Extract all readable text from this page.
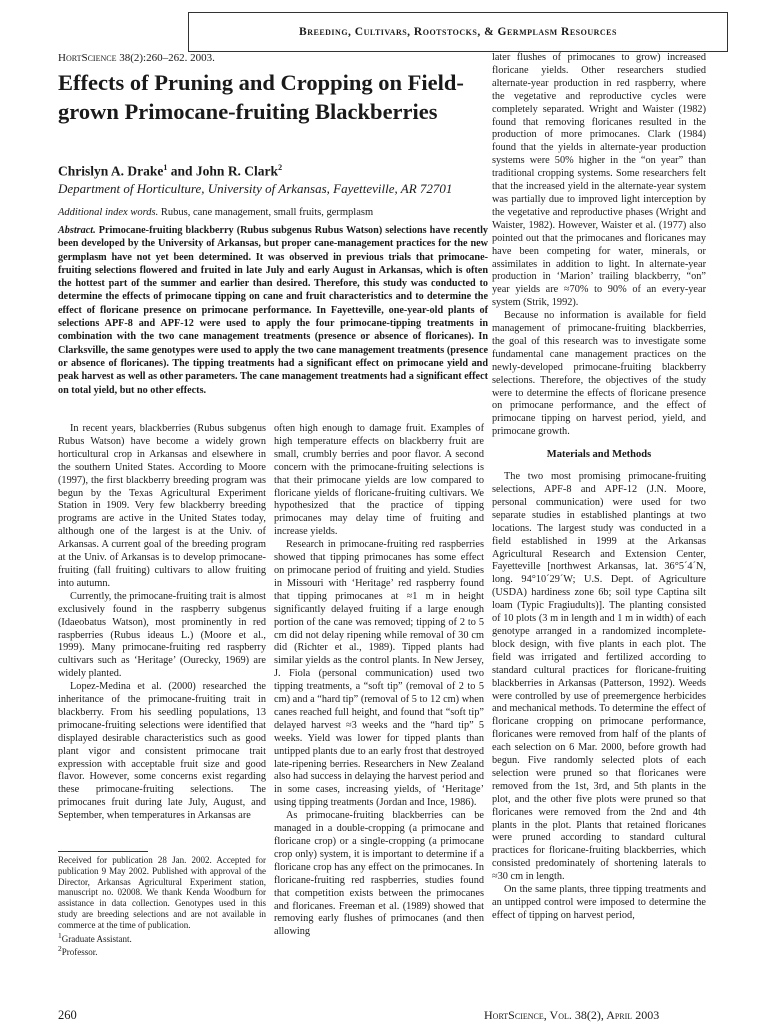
Breeding, Cultivars, Rootstocks, & Germplasm Resources
HortScience 38(2):260–262. 2003.
Effects of Pruning and Cropping on Field-grown Primocane-fruiting Blackberries
Chrislyn A. Drake$^1$ and John R. Clark$^2$
Department of Horticulture, University of Arkansas, Fayetteville, AR 72701
Additional index words. Rubus, cane management, small fruits, germplasm
Abstract. Primocane-fruiting blackberry (Rubus subgenus Rubus Watson) selections have recently been developed by the University of Arkansas, but proper cane-management practices for the new germplasm have not yet been determined. It was observed in previous trials that primocane-fruiting selections flowered and fruited in late July and early August in Arkansas, which is often the hottest part of the summer and earlier than desired. Therefore, this study was conducted to determine the effects of primocane tipping on cane and fruit characteristics and to determine the effect of floricane presence on primocane performance. In Fayetteville, one-year-old plants of selections APF-8 and APF-12 were used to apply the four primocane-tipping treatments in combination with the two cane management treatments (presence or absence of floricanes). In Clarksville, the same genotypes were used to apply the two cane management treatments (presence or absence of floricanes). The tipping treatments had a significant effect on primocane yield and peak harvest as well as other parameters. The cane management treatments had a significant effect on total yield, but no other effects.

In recent years, blackberries (Rubus subgenus Rubus Watson) have become a widely grown horticultural crop in Arkansas and elsewhere in the southern United States. According to Moore (1997), the first blackberry breeding program was begun by the Texas Agricultural Experiment Station in 1909. Very few blackberry breeding programs are active in the United States today, although one of the largest is at the Univ. of Arkansas. A current goal of the breeding program at the Univ. of Arkansas is to develop primocane-fruiting (fall fruiting) cultivars to allow fruiting into autumn.

Currently, the primocane-fruiting trait is almost exclusively found in the raspberry subgenus (Idaeobatus Watson), most prominently in red raspberries (Rubus ideaus L.) (Moore et al., 1999). Many primocane-fruiting red raspberry cultivars such as ‘Heritage’ (Ourecky, 1969) are widely planted.

Lopez-Medina et al. (2000) researched the inheritance of the primocane-fruiting trait in blackberry. From his seedling populations, 13 primocane-fruiting selections were identified that displayed desirable characteristics such as good plant vigor and consistent primocane trait expression with acceptable fruit size and good flavor. However, some concerns exist regarding these primocane-fruiting selections. The primocanes fruit during late July, August, and September, when temperatures in Arkansas are

Received for publication 28 Jan. 2002. Accepted for publication 9 May 2002. Published with approval of the Director, Arkansas Agricultural Experiment station, manuscript no. 02008. We thank Kenda Woodburn for assistance in data collection. Genotypes used in this study are breeding selections and are not available in commerce at the time of publication.

$^1$Graduate Assistant.

$^2$Professor.

often high enough to damage fruit. Examples of high temperature effects on blackberry fruit are small, crumbly berries and poor flavor. A second concern with the primocane-fruiting selections is that their primocane yields are low compared to floricane yields of floricane-fruiting cultivars. We hypothesized that the practice of tipping primocanes may delay time of fruiting and increase yields.

Research in primocane-fruiting red raspberries showed that tipping primocanes has some effect on primocane period of fruiting and yield. Studies in Missouri with ‘Heritage’ red raspberry found that tipping primocanes at ≈1 m in height significantly delayed fruiting if a large enough portion of the cane was removed; tipping of 2 to 5 cm did not delay ripening while removal of 30 cm did (Richter et al., 1989). Tipped plants had similar yields as the control plants. In New Jersey, J. Fiola (personal communication) used two tipping treatments, a “soft tip” (removal of 2 to 5 cm) and a “hard tip” (removal of 5 to 12 cm) when canes reached full height, and found that “soft tip” delayed harvest ≈3 weeks and the “hard tip” 5 weeks. Yield was lower for tipped plants than untipped plants due to an early frost that destroyed late-ripening berries. Researchers in New Zealand also had success in delaying the harvest period and in some cases, increasing yields, of ‘Heritage’ using tipping treatments (Jordan and Ince, 1986).

As primocane-fruiting blackberries can be managed in a double-cropping (a primocane and floricane crop) or a single-cropping (a primocane crop only) system, it is important to determine if a floricane crop has any effect on the primocanes. In floricane-fruiting red raspberries, studies found that competition exists between the primocanes and floricanes. Freeman et al. (1989) showed that removing early flushes of primocanes (and then allowing

later flushes of primocanes to grow) increased floricane yields. Other researchers studied alternate-year production in red raspberry, where the vegetative and reproductive cycles were completely separated. Wright and Waister (1982) found that removing floricanes resulted in the production of more primocanes. Clark (1984) found that the yields in alternate-year production systems were 50% higher in the “on year” than traditional cropping systems. Some researchers felt that the increased yield in the alternate-year system was partially due to improved light interception by the vegetative and reproductive phases (Wright and Waister, 1982). However, Waister et al. (1977) also pointed out that the primocanes and floricanes may have been competing for water, minerals, or assimilates in addition to light. In alternate-year production in ‘Marion’ trailing blackberry, “on” year yields are ≈70% to 90% of an every-year system (Strik, 1992).

Because no information is available for field management of primocane-fruiting blackberries, the goal of this research was to investigate some fundamental cane management practices on the newly-developed primocane-fruiting blackberry selections. Therefore, the objectives of the study were to determine the effects of floricane presence on primocane performance, and the effect of primocane tipping on harvest period, yield, and primocane growth.

Materials and Methods

The two most promising primocane-fruiting selections, APF-8 and APF-12 (J.N. Moore, personal communication) were used for two separate studies in established plantings at two locations. The largest study was conducted in a field established in 1999 at the Arkansas Agricultural Research and Extension Center, Fayetteville [northwest Arkansas, lat. 36°5´4´N, long. 94°10´29´W; U.S. Dept. of Agriculture (USDA) hardiness zone 6b; soil type Captina silt loam (Typic Fragiudults)]. The planting consisted of 10 plots (3 m in length and 1 m in width) of each genotype arranged in a randomized incomplete-block design, with five plants in each plot. The field was irrigated and fertilized according to standard cultural practices for floricane-fruiting blackberries in Arkansas (Patterson, 1992). Weeds were controlled by use of preemergence herbicides and mechanical methods. To determine the effect of floricane cropping on primocane performance, floricanes were removed from half of the plants of each selection on 6 Mar. 2000, before growth had begun. Five randomly selected plots of each selection were pruned so that floricanes were removed from the 1st, 3rd, and 5th plants in the plot, and the other five plots were pruned so that floricanes were removed from the 2nd and 4th plants in the plot. Plants that retained floricanes were pruned according to standard cultural practices for floricane-fruiting blackberries, which consisted predominately of shortening laterals to ≈30 cm in length.

On the same plants, three tipping treatments and an untipped control were imposed to determine the effect of tipping on harvest period,

260	HortScience, Vol. 38(2), April 2003
